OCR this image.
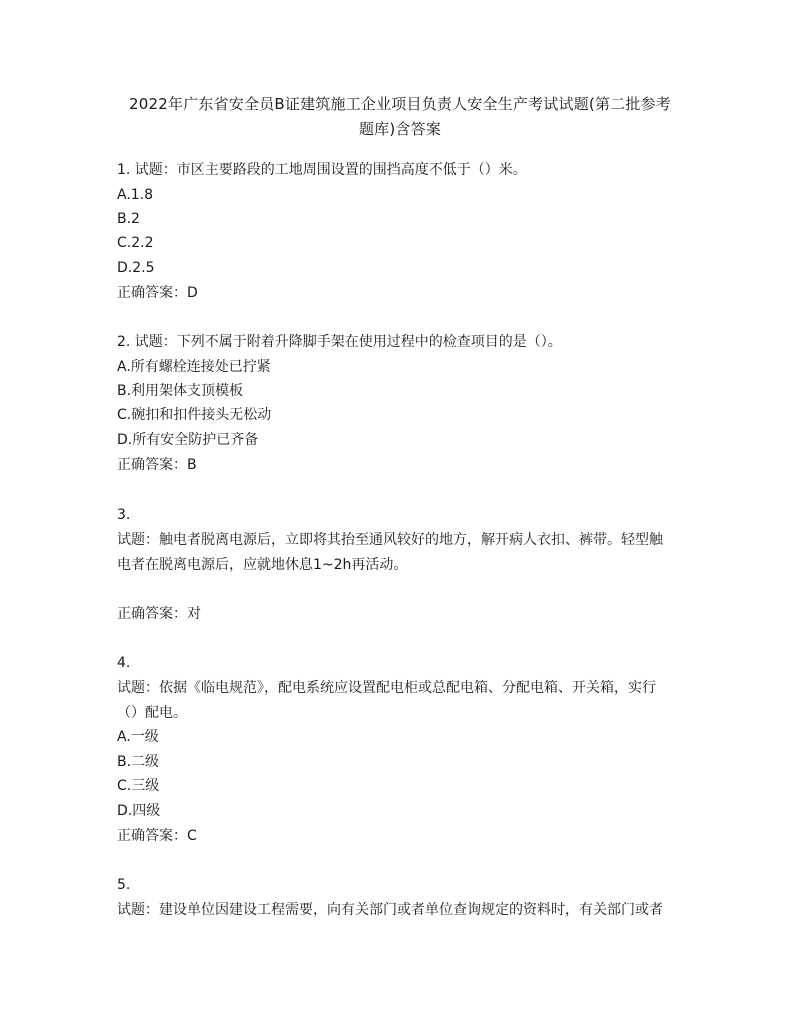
2022年广东省安全员B证建筑施工企业项目负责人安全生产考试试题(第二批参考
题库)含答案
1. 试题：市区主要路段的工地周围设置的围挡高度不低于（）米。
A.1.8
B.2
C.2.2
D.2.5
正确答案：D
2. 试题：下列不属于附着升降脚手架在使用过程中的检查项目的是（）。
A.所有螺栓连接处已拧紧
B.利用架体支顶模板
C.碗扣和扣件接头无松动
D.所有安全防护已齐备
正确答案：B
3.
试题：触电者脱离电源后，立即将其抬至通风较好的地方，解开病人衣扣、裤带。轻型触
电者在脱离电源后，应就地休息1~2h再活动。
正确答案：对
4.
试题：依据《临电规范》，配电系统应设置配电柜或总配电箱、分配电箱、开关箱，实行
（）配电。
A.一级
B.二级
C.三级
D.四级
正确答案：C
5.
试题：建设单位因建设工程需要，向有关部门或者单位查询规定的资料时，有关部门或者
